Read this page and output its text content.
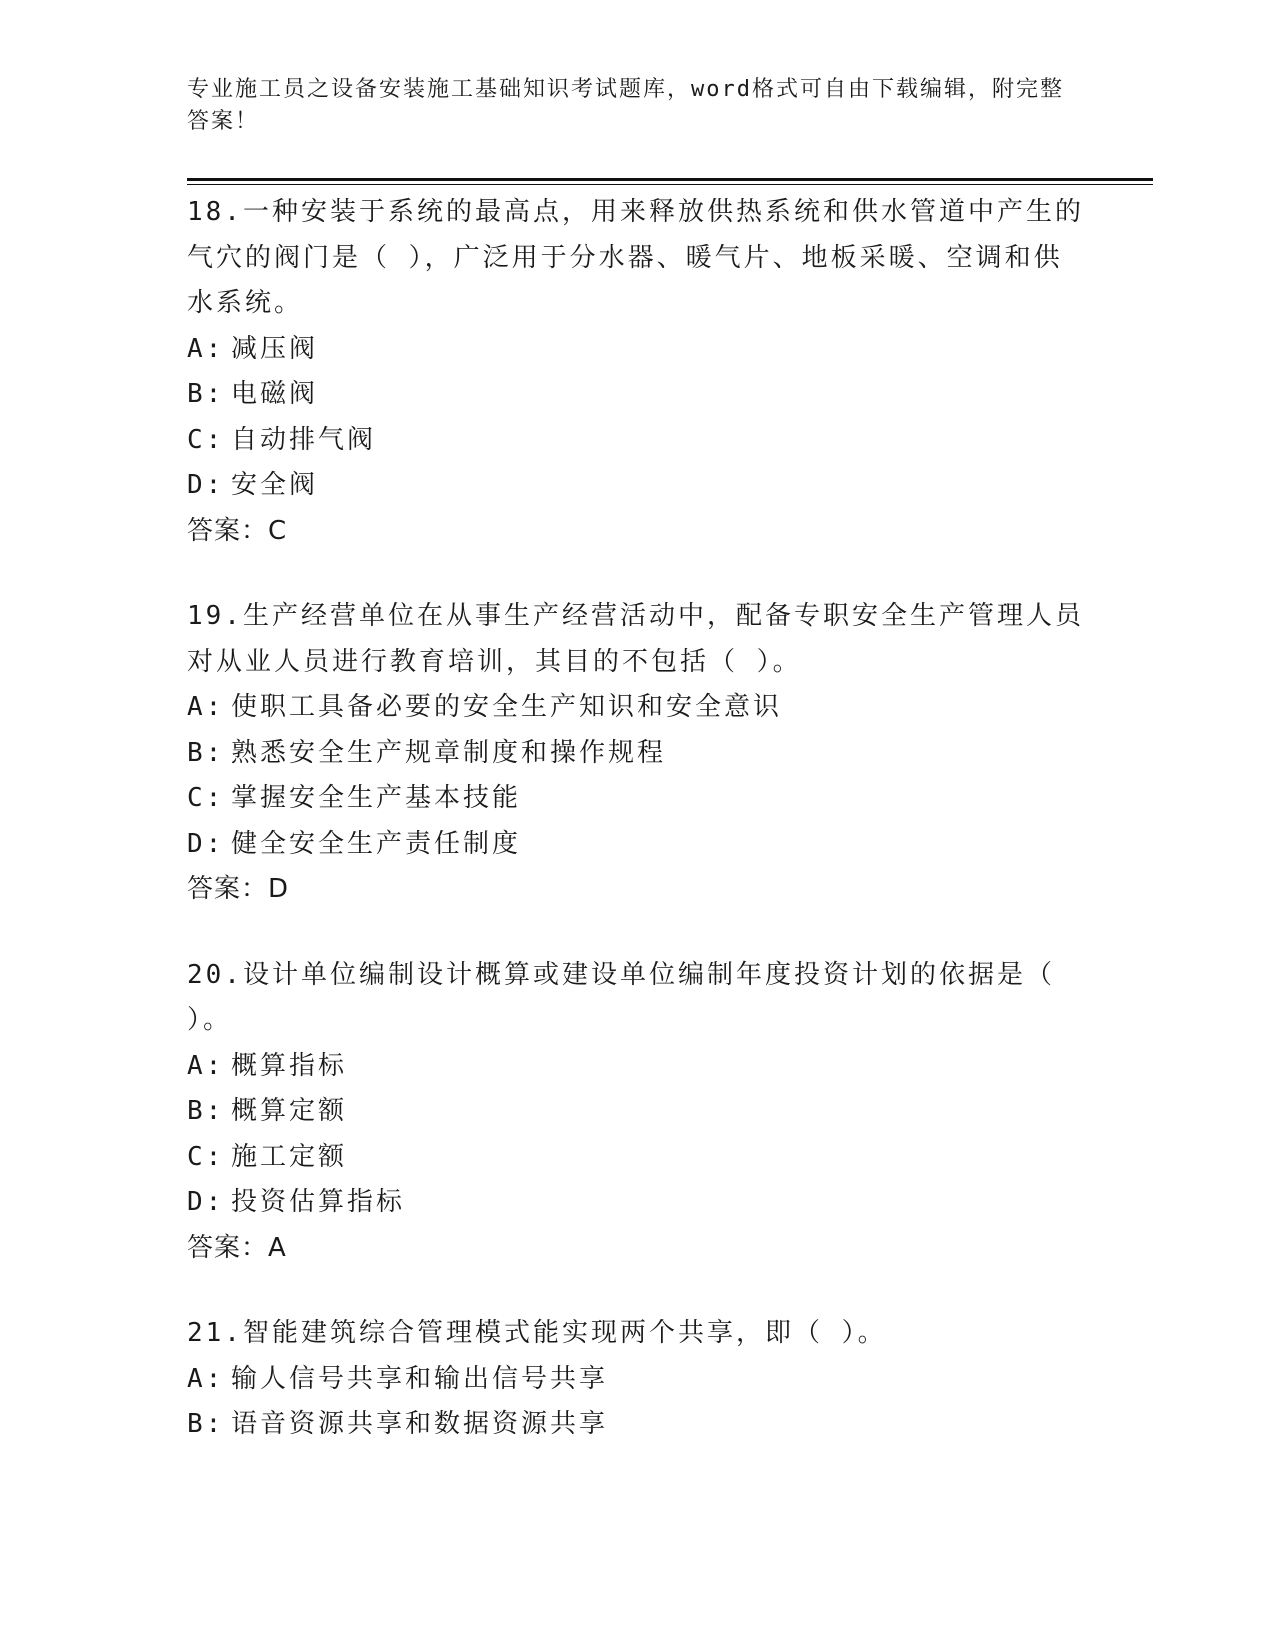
专业施工员之设备安装施工基础知识考试题库，word格式可自由下载编辑，附完整答案！

18.一种安装于系统的最高点，用来释放供热系统和供水管道中产生的气穴的阀门是（ ），广泛用于分水器、暖气片、地板采暖、空调和供水系统。

A: 减压阀
B: 电磁阀
C: 自动排气阀
D: 安全阀
答案：C

19.生产经营单位在从事生产经营活动中，配备专职安全生产管理人员对从业人员进行教育培训，其目的不包括（ ）。

A: 使职工具备必要的安全生产知识和安全意识
B: 熟悉安全生产规章制度和操作规程
C: 掌握安全生产基本技能
D: 健全安全生产责任制度
答案：D

20.设计单位编制设计概算或建设单位编制年度投资计划的依据是（ ）。

A: 概算指标
B: 概算定额
C: 施工定额
D: 投资估算指标
答案：A

21.智能建筑综合管理模式能实现两个共享，即（ ）。

A: 输人信号共享和输出信号共享
B: 语音资源共享和数据资源共享
